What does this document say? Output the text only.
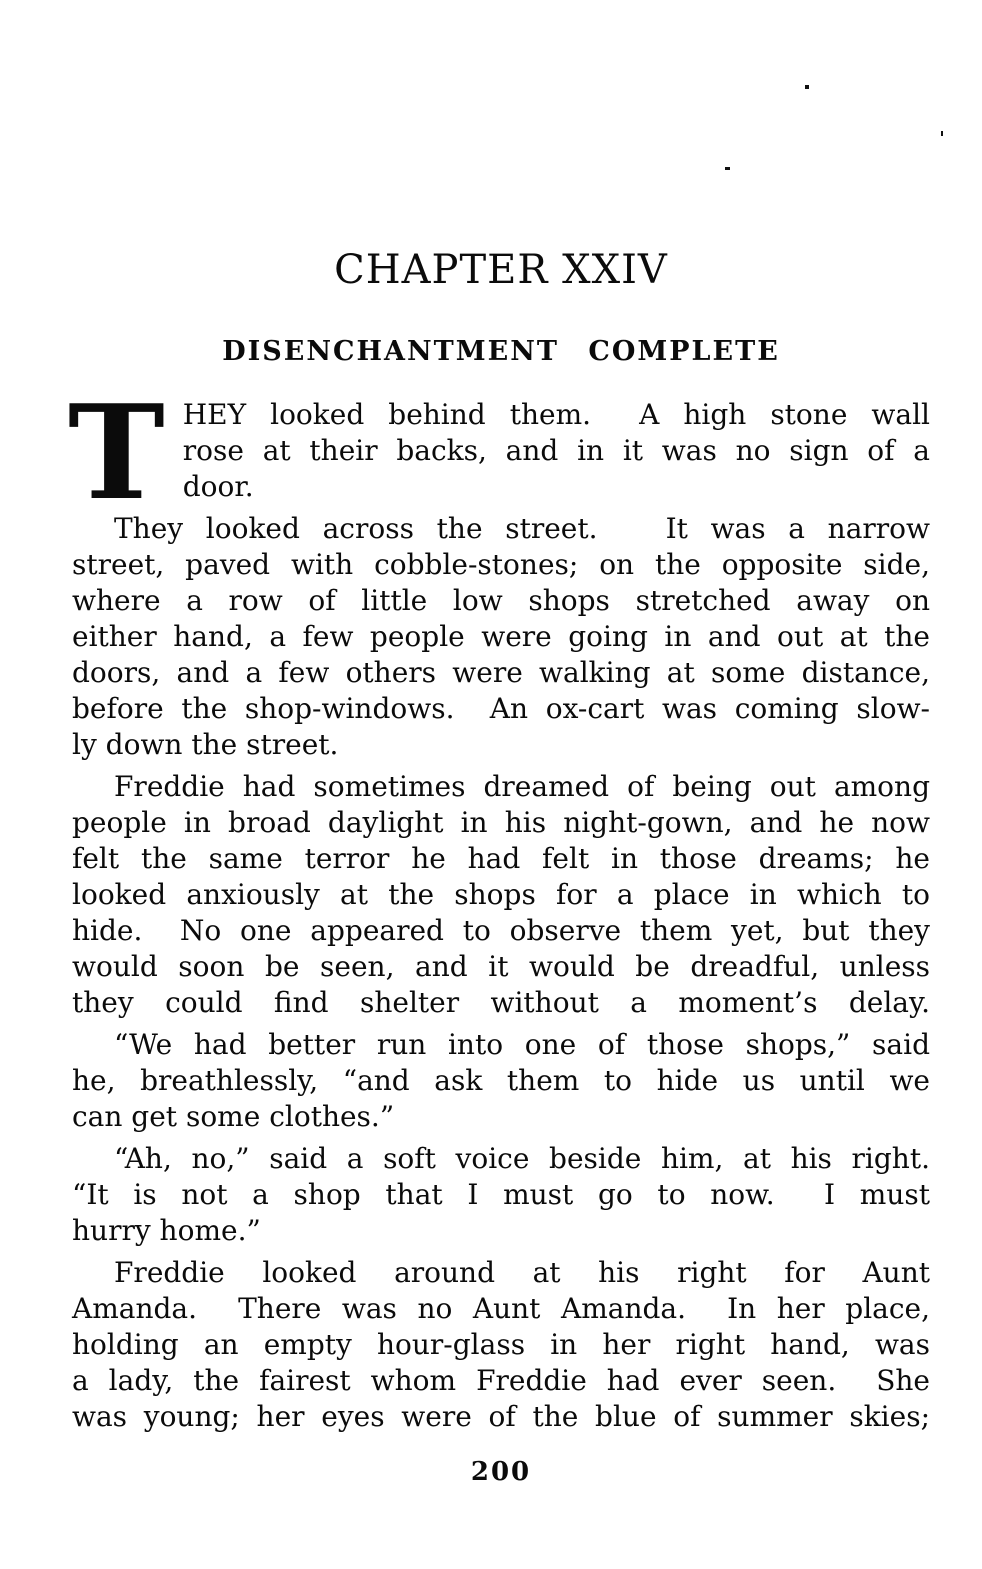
CHAPTER XXIV
DISENCHANTMENT COMPLETE
T HEY looked behind them.  A high stone wall
rose at their backs, and in it was no sign of a
door.
They looked across the street.   It was a narrow
street, paved with cobble-stones; on the opposite side,
where a row of little low shops stretched away on
either hand, a few people were going in and out at the
doors, and a few others were walking at some distance,
before the shop-windows.  An ox-cart was coming slow-
ly down the street.
Freddie had sometimes dreamed of being out among
people in broad daylight in his night-gown, and he now
felt the same terror he had felt in those dreams; he
looked anxiously at the shops for a place in which to
hide.  No one appeared to observe them yet, but they
would soon be seen, and it would be dreadful, unless
they could find shelter without a moment’s delay.
“We had better run into one of those shops,” said
he, breathlessly, “and ask them to hide us until we
can get some clothes.”
“Ah, no,” said a soft voice beside him, at his right.
“It is not a shop that I must go to now.  I must
hurry home.”
Freddie looked around at his right for Aunt
Amanda.  There was no Aunt Amanda.  In her place,
holding an empty hour-glass in her right hand, was
a lady, the fairest whom Freddie had ever seen.  She
was young; her eyes were of the blue of summer skies;
200
